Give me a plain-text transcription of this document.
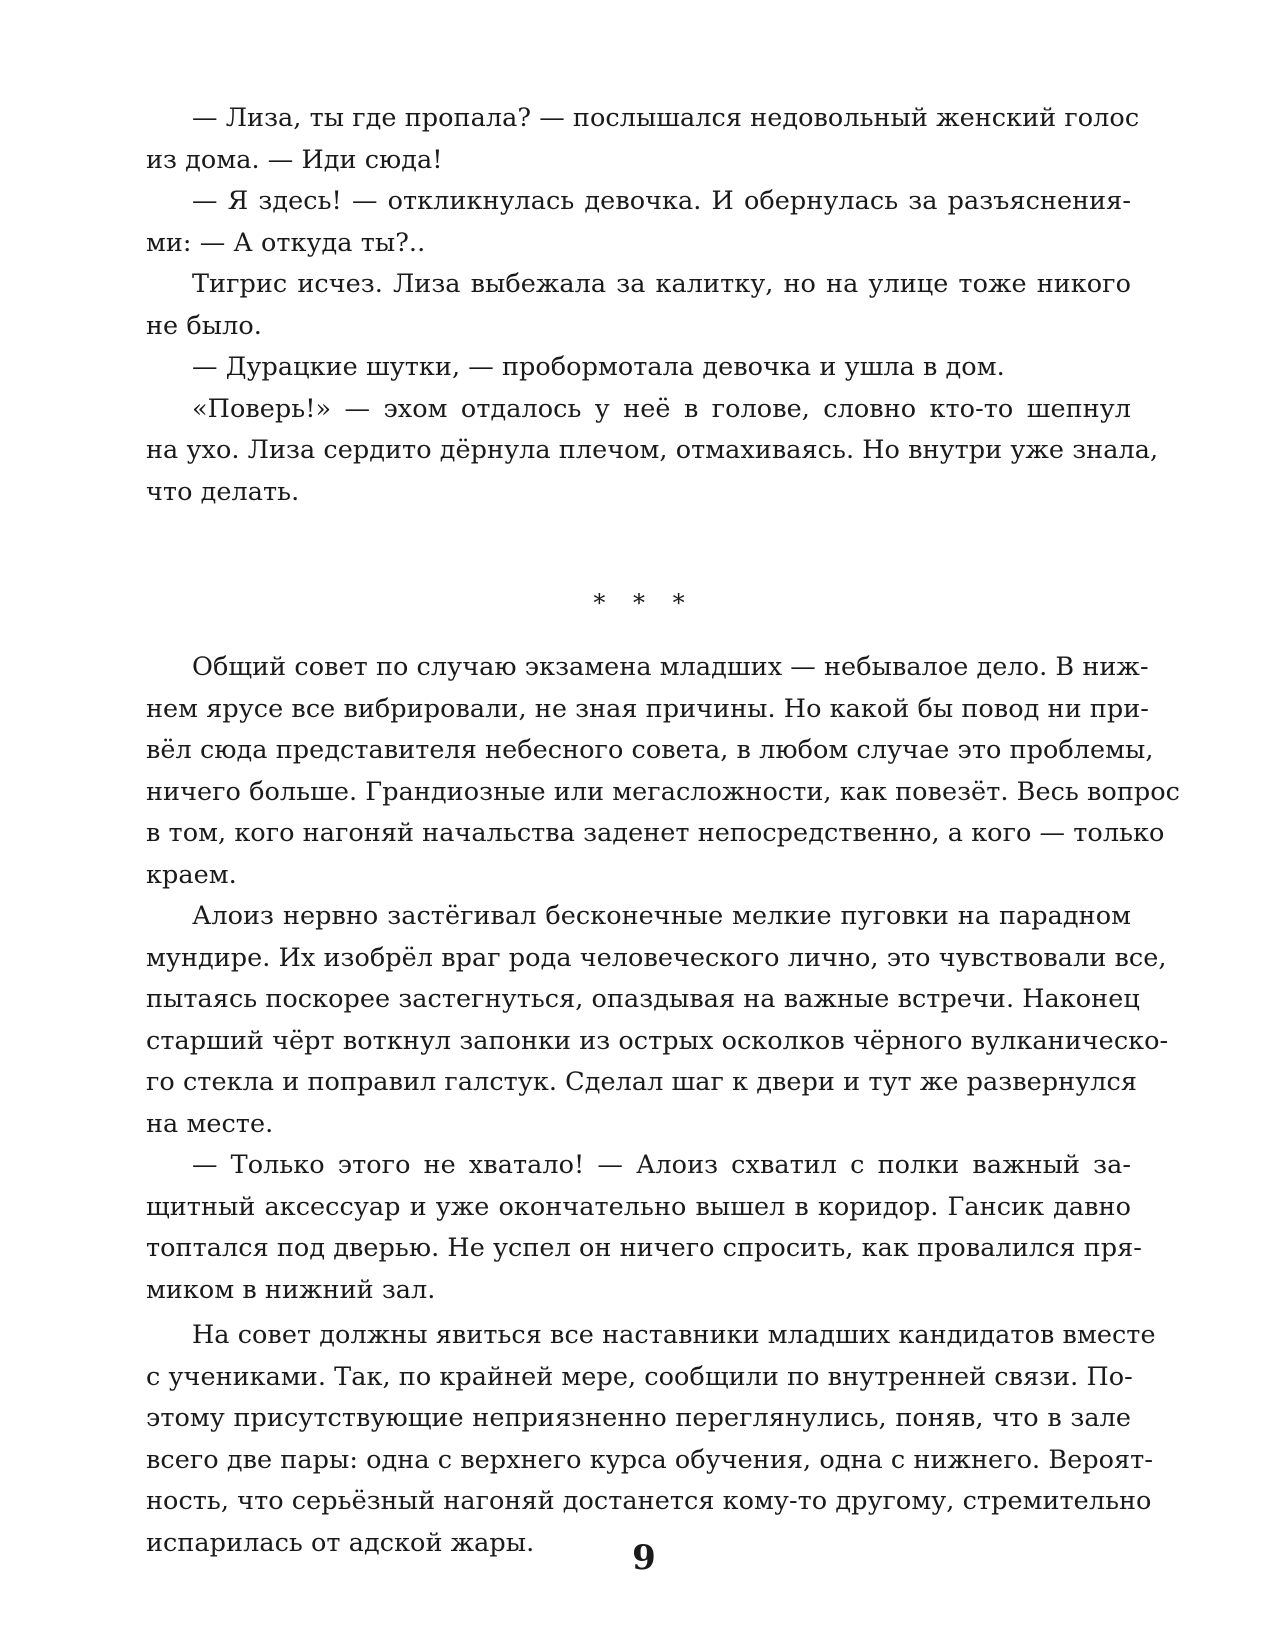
— Лиза, ты где пропала? — послышался недовольный женский голос
из дома. — Иди сюда!
— Я здесь! — откликнулась девочка. И обернулась за разъяснения-
ми: — А откуда ты?..
Тигрис исчез. Лиза выбежала за калитку, но на улице тоже никого
не было.
— Дурацкие шутки, — пробормотала девочка и ушла в дом.
«Поверь!» — эхом отдалось у неё в голове, словно кто-то шепнул
на ухо. Лиза сердито дёрнула плечом, отмахиваясь. Но внутри уже знала,
что делать.
* * *
Общий совет по случаю экзамена младших — небывалое дело. В ниж-
нем ярусе все вибрировали, не зная причины. Но какой бы повод ни при-
вёл сюда представителя небесного совета, в любом случае это проблемы,
ничего больше. Грандиозные или мегасложности, как повезёт. Весь вопрос
в том, кого нагоняй начальства заденет непосредственно, а кого — только
краем.
Алоиз нервно застёгивал бесконечные мелкие пуговки на парадном
мундире. Их изобрёл враг рода человеческого лично, это чувствовали все,
пытаясь поскорее застегнуться, опаздывая на важные встречи. Наконец
старший чёрт воткнул запонки из острых осколков чёрного вулканическо-
го стекла и поправил галстук. Сделал шаг к двери и тут же развернулся
на месте.
— Только этого не хватало! — Алоиз схватил с полки важный за-
щитный аксессуар и уже окончательно вышел в коридор. Гансик давно
топтался под дверью. Не успел он ничего спросить, как провалился пря-
миком в нижний зал.
На совет должны явиться все наставники младших кандидатов вместе
с учениками. Так, по крайней мере, сообщили по внутренней связи. По-
этому присутствующие неприязненно переглянулись, поняв, что в зале
всего две пары: одна с верхнего курса обучения, одна с нижнего. Вероят-
ность, что серьёзный нагоняй достанется кому-то другому, стремительно
испарилась от адской жары.	9
